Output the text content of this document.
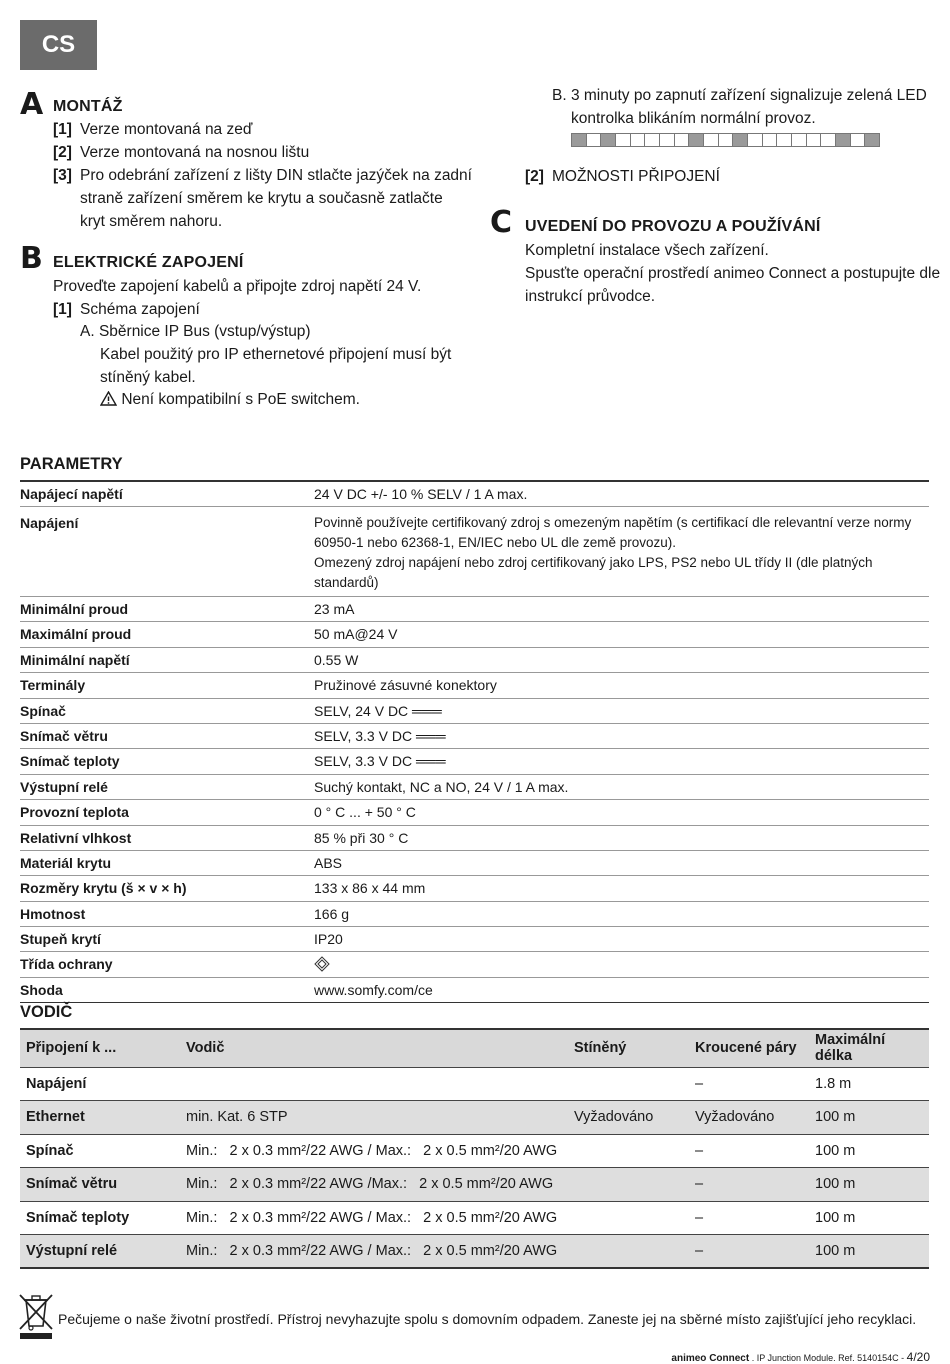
CS
A MONTÁŽ
[1] Verze montovaná na zeď
[2] Verze montovaná na nosnou lištu
[3] Pro odebrání zařízení z lišty DIN stlačte jazýček na zadní
straně zařízení směrem ke krytu a současně zatlačte
kryt směrem nahoru.
B ELEKTRICKÉ ZAPOJENÍ
Proveďte zapojení kabelů a připojte zdroj napětí 24 V.
[1] Schéma zapojení
A. Sběrnice IP Bus (vstup/výstup)
Kabel použitý pro IP ethernetové připojení musí být
stíněný kabel.
Není kompatibilní s PoE switchem.
B. 3 minuty po zapnutí zařízení signalizuje zelená LED
kontrolka blikáním normální provoz.
[2] MOŽNOSTI PŘIPOJENÍ
C UVEDENÍ DO PROVOZU A POUŽÍVÁNÍ
Kompletní instalace všech zařízení.
Spusťte operační prostředí animeo Connect a postupujte dle
instrukcí průvodce.
PARAMETRY
Napájecí napětí	24 V DC +/- 10 % SELV / 1 A max.
Napájení	Povinně používejte certifikovaný zdroj s omezeným napětím (s certifikací dle relevantní verze normy
60950-1 nebo 62368-1, EN/IEC nebo UL dle země provozu).
Omezený zdroj napájení nebo zdroj certifikovaný jako LPS, PS2 nebo UL třídy II (dle platných standardů)

Minimální proud	23 mA
Maximální proud	50 mA@24 V
Minimální napětí	0.55 W
Terminály	Pružinové zásuvné konektory
Spínač	SELV, 24 V DC ═══
Snímač větru	SELV, 3.3 V DC ═══
Snímač teploty	SELV, 3.3 V DC ═══
Výstupní relé	Suchý kontakt, NC a NO, 24 V / 1 A max.
Provozní teplota	0 ° C ... + 50 ° C
Relativní vlhkost	85 % při 30 ° C
Materiál krytu	ABS
Rozměry krytu (š × v × h)	133 x 86 x 44 mm
Hmotnost	166 g
Stupeň krytí	IP20
Třída ochrany	
Shoda	www.somfy.com/ce
VODIČ
Připojení k ...	Vodič	Stíněný	Kroucené páry	Maximální délka
Napájení			–	1.8 m
Ethernet	min. Kat. 6 STP	Vyžadováno	Vyžadováno	100 m
Spínač	Min.:   2 x 0.3 mm²/22 AWG / Max.:   2 x 0.5 mm²/20 AWG		–	100 m
Snímač větru	Min.:   2 x 0.3 mm²/22 AWG /Max.:   2 x 0.5 mm²/20 AWG		–	100 m
Snímač teploty	Min.:   2 x 0.3 mm²/22 AWG / Max.:   2 x 0.5 mm²/20 AWG		–	100 m
Výstupní relé	Min.:   2 x 0.3 mm²/22 AWG / Max.:   2 x 0.5 mm²/20 AWG		–	100 m
Pečujeme o naše životní prostředí. Přístroj nevyhazujte spolu s domovním odpadem. Zaneste jej na sběrné místo zajišťující jeho recyklaci.
animeo Connect . IP Junction Module. Ref. 5140154C - 4/20
